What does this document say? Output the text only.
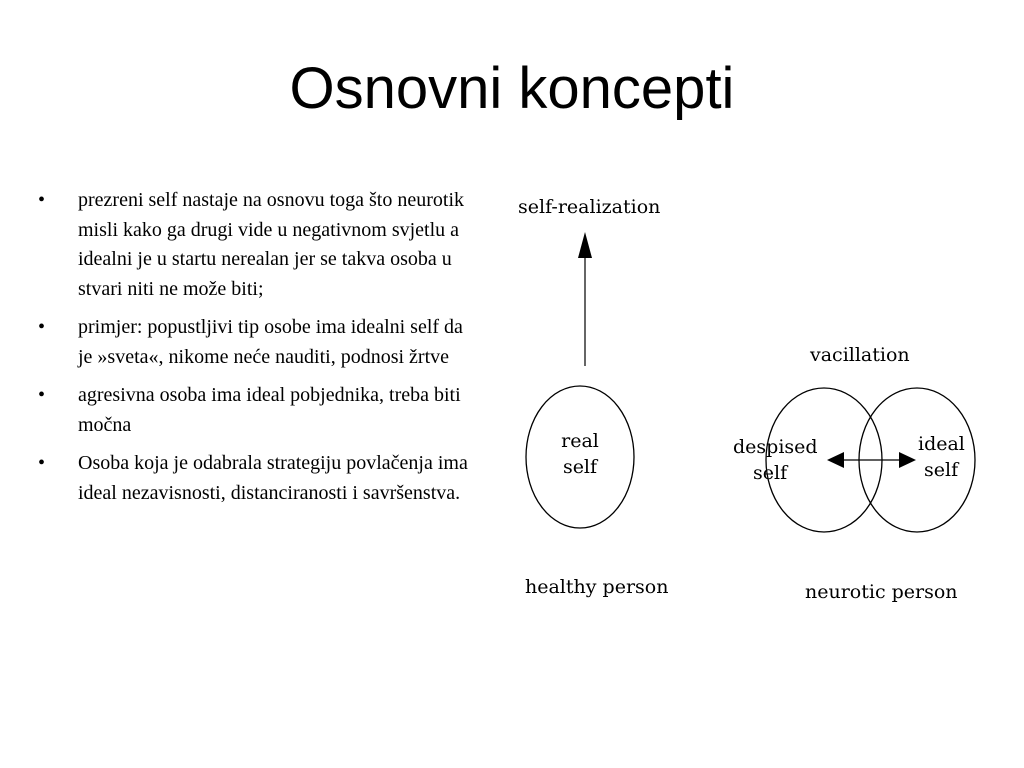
Osnovni koncepti
• prezreni self nastaje na osnovu toga što neurotik misli kako ga drugi vide u negativnom svjetlu a idealni je u startu nerealan jer se takva osoba u stvari niti ne može biti;
• primjer: popustljivi tip osobe ima idealni self da je »sveta«, nikome neće nauditi, podnosi žrtve
• agresivna osoba ima ideal pobjednika, treba biti močna
• Osoba koja je odabrala strategiju povlačenja ima ideal nezavisnosti, distanciranosti i savršenstva.
self-realization
real
self
healthy person
vacillation
despised
self
ideal
self
neurotic person
